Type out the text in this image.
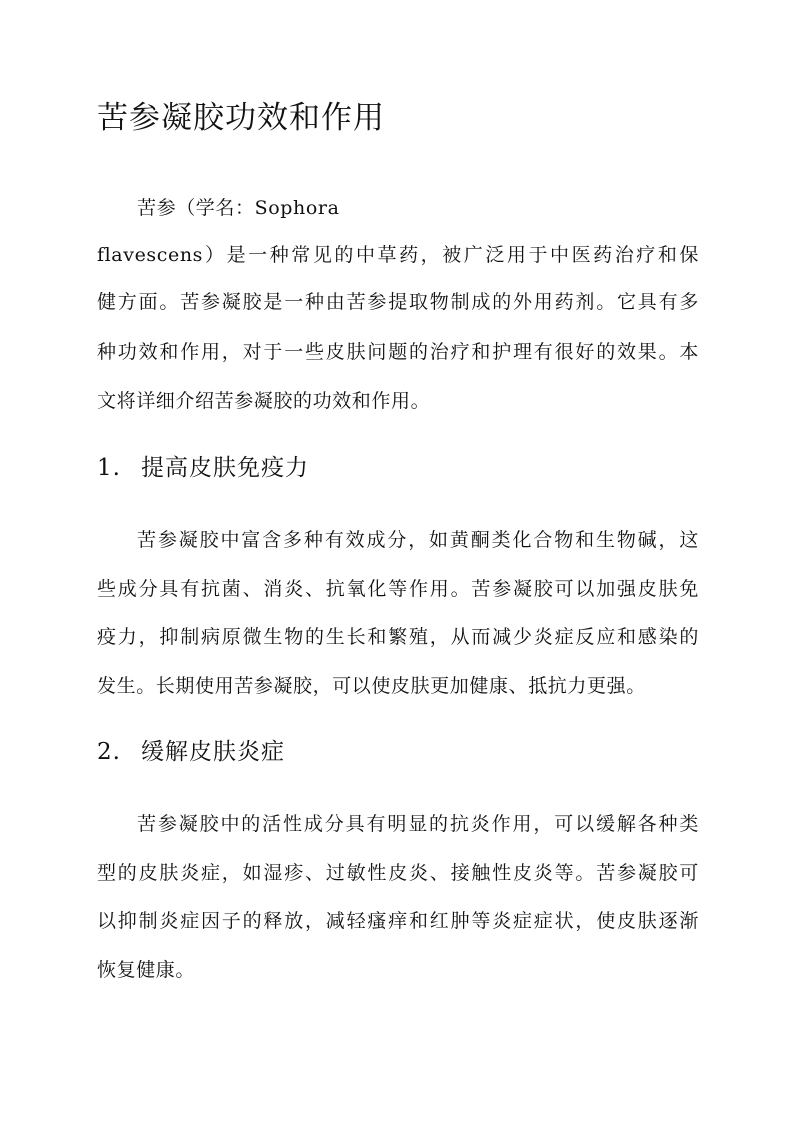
苦参凝胶功效和作用

苦参（学名：Sophora

flavescens）是一种常见的中草药，被广泛用于中医药治疗和保

健方面。苦参凝胶是一种由苦参提取物制成的外用药剂。它具有多

种功效和作用，对于一些皮肤问题的治疗和护理有很好的效果。本

文将详细介绍苦参凝胶的功效和作用。

1. 提高皮肤免疫力

苦参凝胶中富含多种有效成分，如黄酮类化合物和生物碱，这

些成分具有抗菌、消炎、抗氧化等作用。苦参凝胶可以加强皮肤免

疫力，抑制病原微生物的生长和繁殖，从而减少炎症反应和感染的

发生。长期使用苦参凝胶，可以使皮肤更加健康、抵抗力更强。

2. 缓解皮肤炎症

苦参凝胶中的活性成分具有明显的抗炎作用，可以缓解各种类

型的皮肤炎症，如湿疹、过敏性皮炎、接触性皮炎等。苦参凝胶可

以抑制炎症因子的释放，减轻瘙痒和红肿等炎症症状，使皮肤逐渐

恢复健康。
